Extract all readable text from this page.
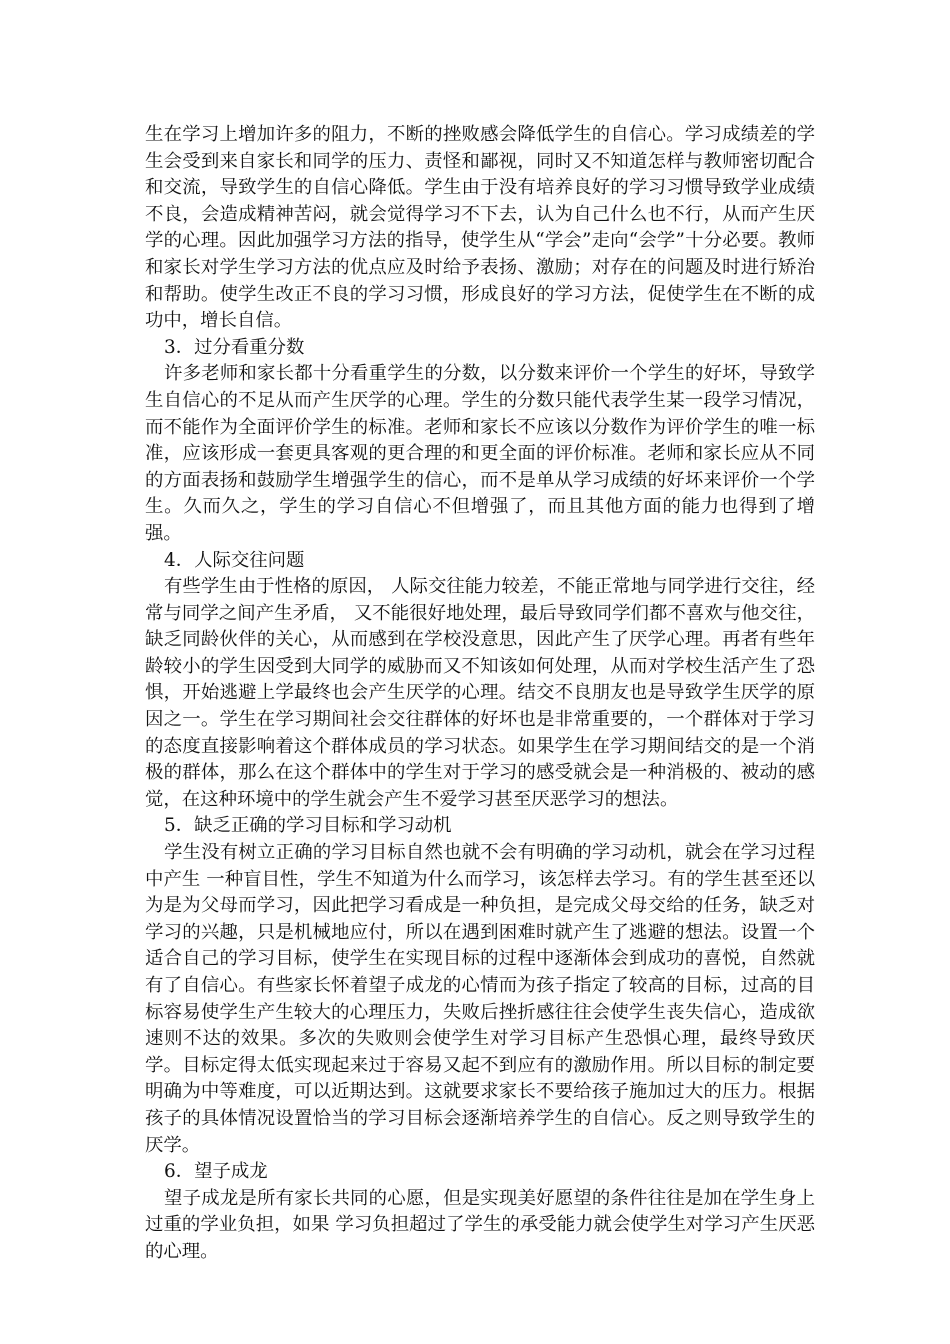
生在学习上增加许多的阻力，不断的挫败感会降低学生的自信心。学习成绩差的学生会受到来自家长和同学的压力、责怪和鄙视，同时又不知道怎样与教师密切配合和交流，导致学生的自信心降低。学生由于没有培养良好的学习习惯导致学业成绩不良，会造成精神苦闷，就会觉得学习不下去，认为自己什么也不行，从而产生厌学的心理。因此加强学习方法的指导，使学生从“学会”走向“会学”十分必要。教师和家长对学生学习方法的优点应及时给予表扬、激励；对存在的问题及时进行矫治和帮助。使学生改正不良的学习习惯，形成良好的学习方法，促使学生在不断的成功中，增长自信。

3．过分看重分数

许多老师和家长都十分看重学生的分数，以分数来评价一个学生的好坏，导致学生自信心的不足从而产生厌学的心理。学生的分数只能代表学生某一段学习情况，而不能作为全面评价学生的标准。老师和家长不应该以分数作为评价学生的唯一标准，应该形成一套更具客观的更合理的和更全面的评价标准。老师和家长应从不同的方面表扬和鼓励学生增强学生的信心，而不是单从学习成绩的好坏来评价一个学生。久而久之，学生的学习自信心不但增强了，而且其他方面的能力也得到了增强。

4．人际交往问题

有些学生由于性格的原因， 人际交往能力较差，不能正常地与同学进行交往，经常与同学之间产生矛盾， 又不能很好地处理，最后导致同学们都不喜欢与他交往，缺乏同龄伙伴的关心，从而感到在学校没意思，因此产生了厌学心理。再者有些年龄较小的学生因受到大同学的威胁而又不知该如何处理，从而对学校生活产生了恐惧，开始逃避上学最终也会产生厌学的心理。结交不良朋友也是导致学生厌学的原因之一。学生在学习期间社会交往群体的好坏也是非常重要的，一个群体对于学习的态度直接影响着这个群体成员的学习状态。如果学生在学习期间结交的是一个消极的群体，那么在这个群体中的学生对于学习的感受就会是一种消极的、被动的感觉，在这种环境中的学生就会产生不爱学习甚至厌恶学习的想法。

5．缺乏正确的学习目标和学习动机

学生没有树立正确的学习目标自然也就不会有明确的学习动机，就会在学习过程中产生 一种盲目性，学生不知道为什么而学习，该怎样去学习。有的学生甚至还以为是为父母而学习，因此把学习看成是一种负担，是完成父母交给的任务，缺乏对学习的兴趣，只是机械地应付，所以在遇到困难时就产生了逃避的想法。设置一个适合自己的学习目标，使学生在实现目标的过程中逐渐体会到成功的喜悦，自然就有了自信心。有些家长怀着望子成龙的心情而为孩子指定了较高的目标，过高的目标容易使学生产生较大的心理压力，失败后挫折感往往会使学生丧失信心，造成欲速则不达的效果。多次的失败则会使学生对学习目标产生恐惧心理，最终导致厌学。目标定得太低实现起来过于容易又起不到应有的激励作用。所以目标的制定要明确为中等难度，可以近期达到。这就要求家长不要给孩子施加过大的压力。根据孩子的具体情况设置恰当的学习目标会逐渐培养学生的自信心。反之则导致学生的厌学。

6．望子成龙

望子成龙是所有家长共同的心愿，但是实现美好愿望的条件往往是加在学生身上过重的学业负担，如果 学习负担超过了学生的承受能力就会使学生对学习产生厌恶的心理。
